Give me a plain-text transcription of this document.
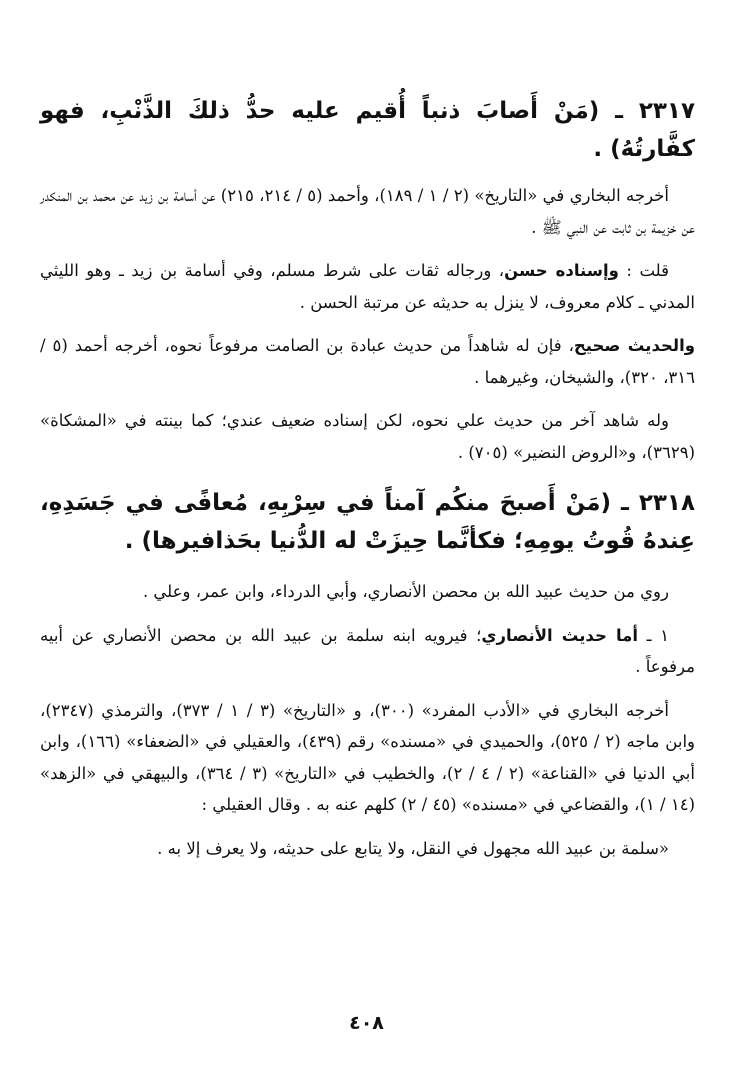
٢٣١٧ ـ (مَنْ أَصابَ ذنباً أُقيم عليه حدُّ ذلكَ الذَّنْبِ، فهو كفَّارتُهُ) .

أخرجه البخاري في «التاريخ» (٢ / ١ / ١٨٩)، وأحمد (٥ / ٢١٤، ٢١٥) عن أسامة بن زيد عن محمد بن المنكدر عن خزيمة بن ثابت عن النبي ﷺ .

قلت : وإسناده حسن، ورجاله ثقات على شرط مسلم، وفي أسامة بن زيد ـ وهو الليثي المدني ـ كلام معروف، لا ينزل به حديثه عن مرتبة الحسن .

والحديث صحيح، فإن له شاهداً من حديث عبادة بن الصامت مرفوعاً نحوه، أخرجه أحمد (٥ / ٣١٦، ٣٢٠)، والشيخان، وغيرهما .

وله شاهد آخر من حديث علي نحوه، لكن إسناده ضعيف عندي؛ كما بينته في «المشكاة» (٣٦٢٩)، و«الروض النضير» (٧٠٥) .

٢٣١٨ ـ (مَنْ أَصبحَ منكُم آمناً في سِرْبِهِ، مُعافًى في جَسَدِهِ، عِندهُ قُوتُ يومِهِ؛ فكأنَّما حِيزَتْ له الدُّنيا بحَذافيرها) .

روي من حديث عبيد الله بن محصن الأنصاري، وأبي الدرداء، وابن عمر، وعلي .

١ ـ أما حديث الأنصاري؛ فيرويه ابنه سلمة بن عبيد الله بن محصن الأنصاري عن أبيه مرفوعاً .

أخرجه البخاري في «الأدب المفرد» (٣٠٠)، و «التاريخ» (٣ / ١ / ٣٧٣)، والترمذي (٢٣٤٧)، وابن ماجه (٢ / ٥٢٥)، والحميدي في «مسنده» رقم (٤٣٩)، والعقيلي في «الضعفاء» (١٦٦)، وابن أبي الدنيا في «القناعة» (٢ / ٤ / ٢)، والخطيب في «التاريخ» (٣ / ٣٦٤)، والبيهقي في «الزهد» (١٤ / ١)، والقضاعي في «مسنده» (٤٥ / ٢) كلهم عنه به . وقال العقيلي :

«سلمة بن عبيد الله مجهول في النقل، ولا يتابع على حديثه، ولا يعرف إلا به .

٤٠٨
